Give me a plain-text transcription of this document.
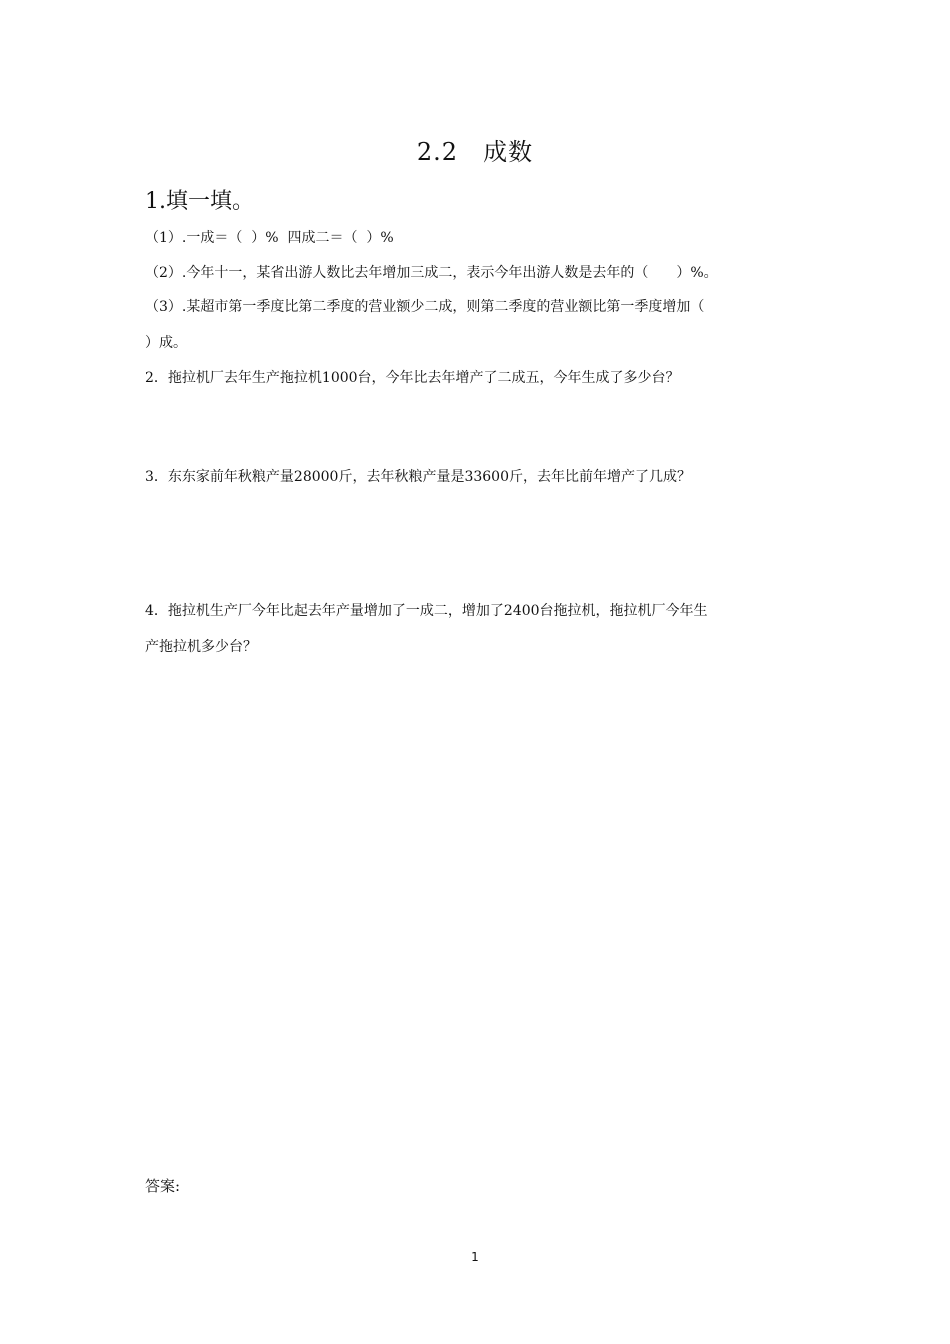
2.2　成数
1.填一填。
（1）.一成＝（  ）%  四成二＝（  ）%
（2）.今年十一，某省出游人数比去年增加三成二，表示今年出游人数是去年的（　　）%。
（3）.某超市第一季度比第二季度的营业额少二成，则第二季度的营业额比第一季度增加（
）成。
2．拖拉机厂去年生产拖拉机1000台，今年比去年增产了二成五，今年生成了多少台？
3．东东家前年秋粮产量28000斤，去年秋粮产量是33600斤，去年比前年增产了几成？
4．拖拉机生产厂今年比起去年产量增加了一成二，增加了2400台拖拉机，拖拉机厂今年生
产拖拉机多少台？
答案:
1
